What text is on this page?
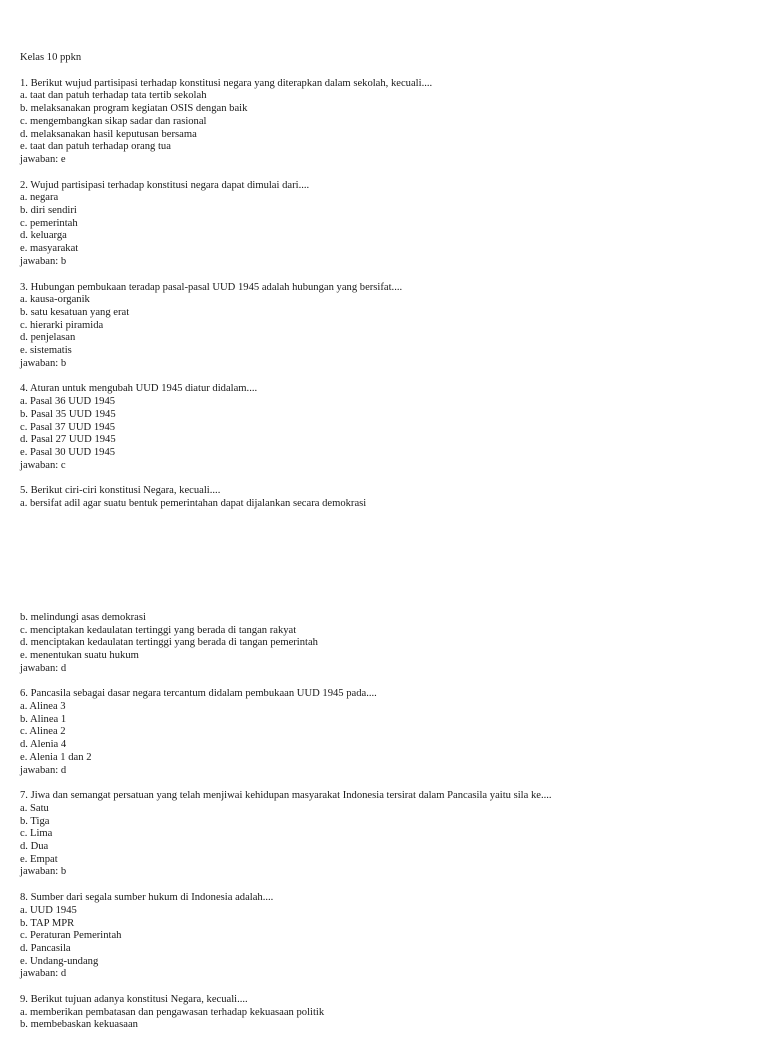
Kelas 10 ppkn
1. Berikut wujud partisipasi terhadap konstitusi negara yang diterapkan dalam sekolah, kecuali....
a. taat dan patuh terhadap tata tertib sekolah
b. melaksanakan program kegiatan OSIS dengan baik
c. mengembangkan sikap sadar dan rasional
d. melaksanakan hasil keputusan bersama
e. taat dan patuh terhadap orang tua
jawaban: e
2. Wujud partisipasi terhadap konstitusi negara dapat dimulai dari....
a. negara
b. diri sendiri
c. pemerintah
d. keluarga
e. masyarakat
jawaban: b
3. Hubungan pembukaan teradap pasal-pasal UUD 1945 adalah hubungan yang bersifat....
a. kausa-organik
b. satu kesatuan yang erat
c. hierarki piramida
d. penjelasan
e. sistematis
jawaban: b
4. Aturan untuk mengubah UUD 1945 diatur didalam....
a. Pasal 36 UUD 1945
b. Pasal 35 UUD 1945
c. Pasal 37 UUD 1945
d. Pasal 27 UUD 1945
e. Pasal 30 UUD 1945
jawaban: c
5. Berikut ciri-ciri konstitusi Negara, kecuali....
a. bersifat adil agar suatu bentuk pemerintahan dapat dijalankan secara demokrasi
b. melindungi asas demokrasi
c. menciptakan kedaulatan tertinggi yang berada di tangan rakyat
d. menciptakan kedaulatan tertinggi yang berada di tangan pemerintah
e. menentukan suatu hukum
jawaban: d
6. Pancasila sebagai dasar negara tercantum didalam pembukaan UUD 1945 pada....
a. Alinea 3
b. Alinea 1
c. Alinea 2
d. Alenia 4
e. Alenia 1 dan 2
jawaban: d
7. Jiwa dan semangat persatuan yang telah menjiwai kehidupan masyarakat Indonesia tersirat dalam Pancasila yaitu sila ke....
a. Satu
b. Tiga
c. Lima
d. Dua
e. Empat
jawaban: b
8. Sumber dari segala sumber hukum di Indonesia adalah....
a. UUD 1945
b. TAP MPR
c. Peraturan Pemerintah
d. Pancasila
e. Undang-undang
jawaban: d
9. Berikut tujuan adanya konstitusi Negara, kecuali....
a. memberikan pembatasan dan pengawasan terhadap kekuasaan politik
b. membebaskan kekuasaan
